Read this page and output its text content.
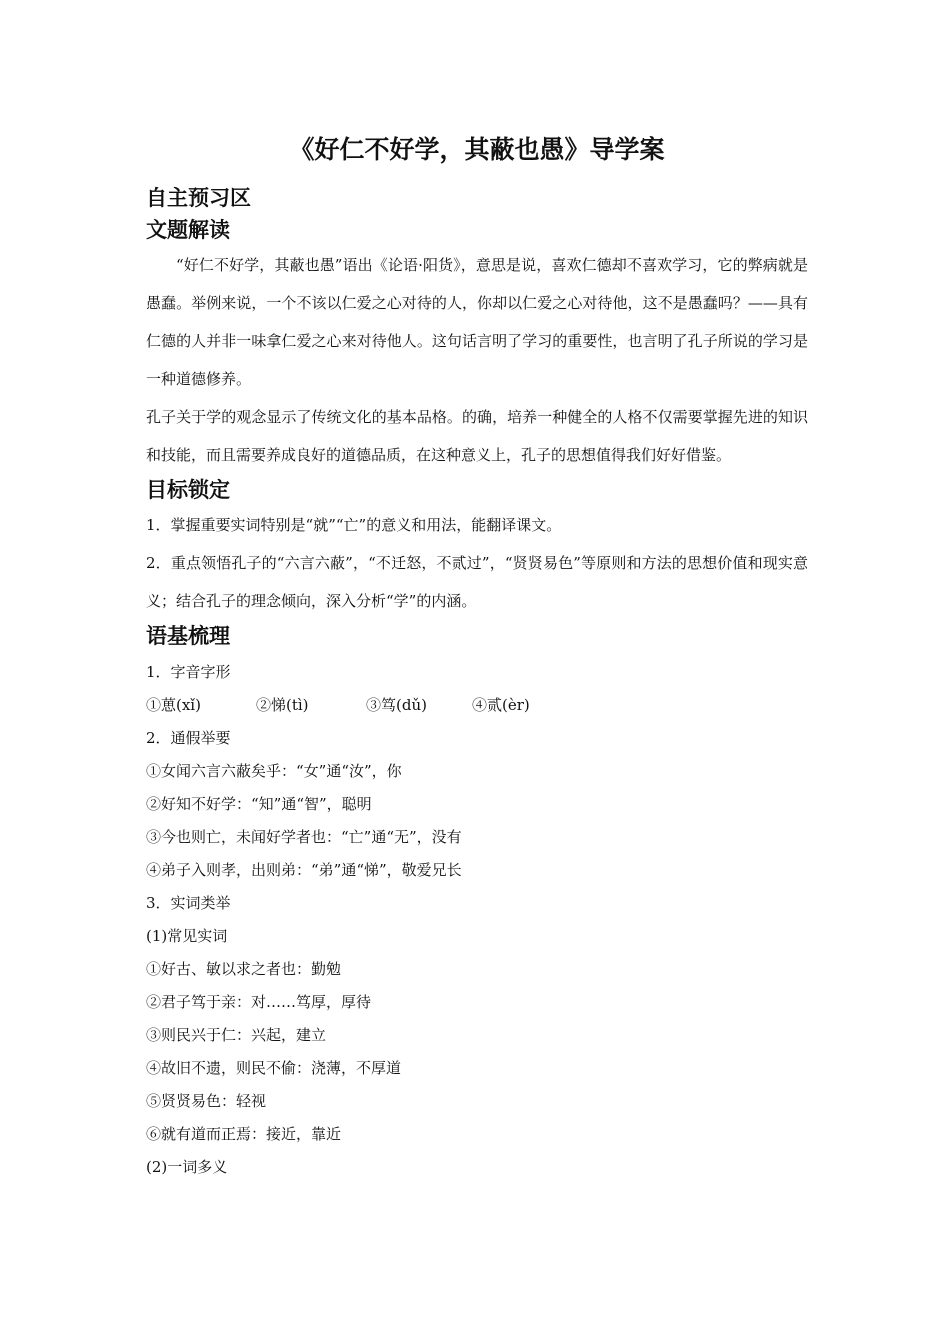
《好仁不好学，其蔽也愚》导学案
自主预习区
文题解读

“好仁不好学，其蔽也愚”语出《论语·阳货》，意思是说，喜欢仁德却不喜欢学习，它的弊病就是愚蠢。举例来说，一个不该以仁爱之心对待的人，你却以仁爱之心对待他，这不是愚蠢吗？——具有仁德的人并非一味拿仁爱之心来对待他人。这句话言明了学习的重要性，也言明了孔子所说的学习是一种道德修养。

孔子关于学的观念显示了传统文化的基本品格。的确，培养一种健全的人格不仅需要掌握先进的知识和技能，而且需要养成良好的道德品质，在这种意义上，孔子的思想值得我们好好借鉴。

目标锁定

1．掌握重要实词特别是“就”“亡”的意义和用法，能翻译课文。

2．重点领悟孔子的“六言六蔽”，“不迁怒，不贰过”，“贤贤易色”等原则和方法的思想价值和现实意义；结合孔子的理念倾向，深入分析“学”的内涵。

语基梳理

1．字音字形

①葸(xǐ)	②悌(tì)	③笃(dǔ)	④贰(èr)

2．通假举要

①女闻六言六蔽矣乎：“女”通“汝”，你

②好知不好学：“知”通“智”，聪明

③今也则亡，未闻好学者也：“亡”通“无”，没有

④弟子入则孝，出则弟：“弟”通“悌”，敬爱兄长

3．实词类举

(1)常见实词

①好古、敏以求之者也：勤勉

②君子笃于亲：对……笃厚，厚待

③则民兴于仁：兴起，建立

④故旧不遗，则民不偷：浇薄，不厚道

⑤贤贤易色：轻视

⑥就有道而正焉：接近，靠近

(2)一词多义
